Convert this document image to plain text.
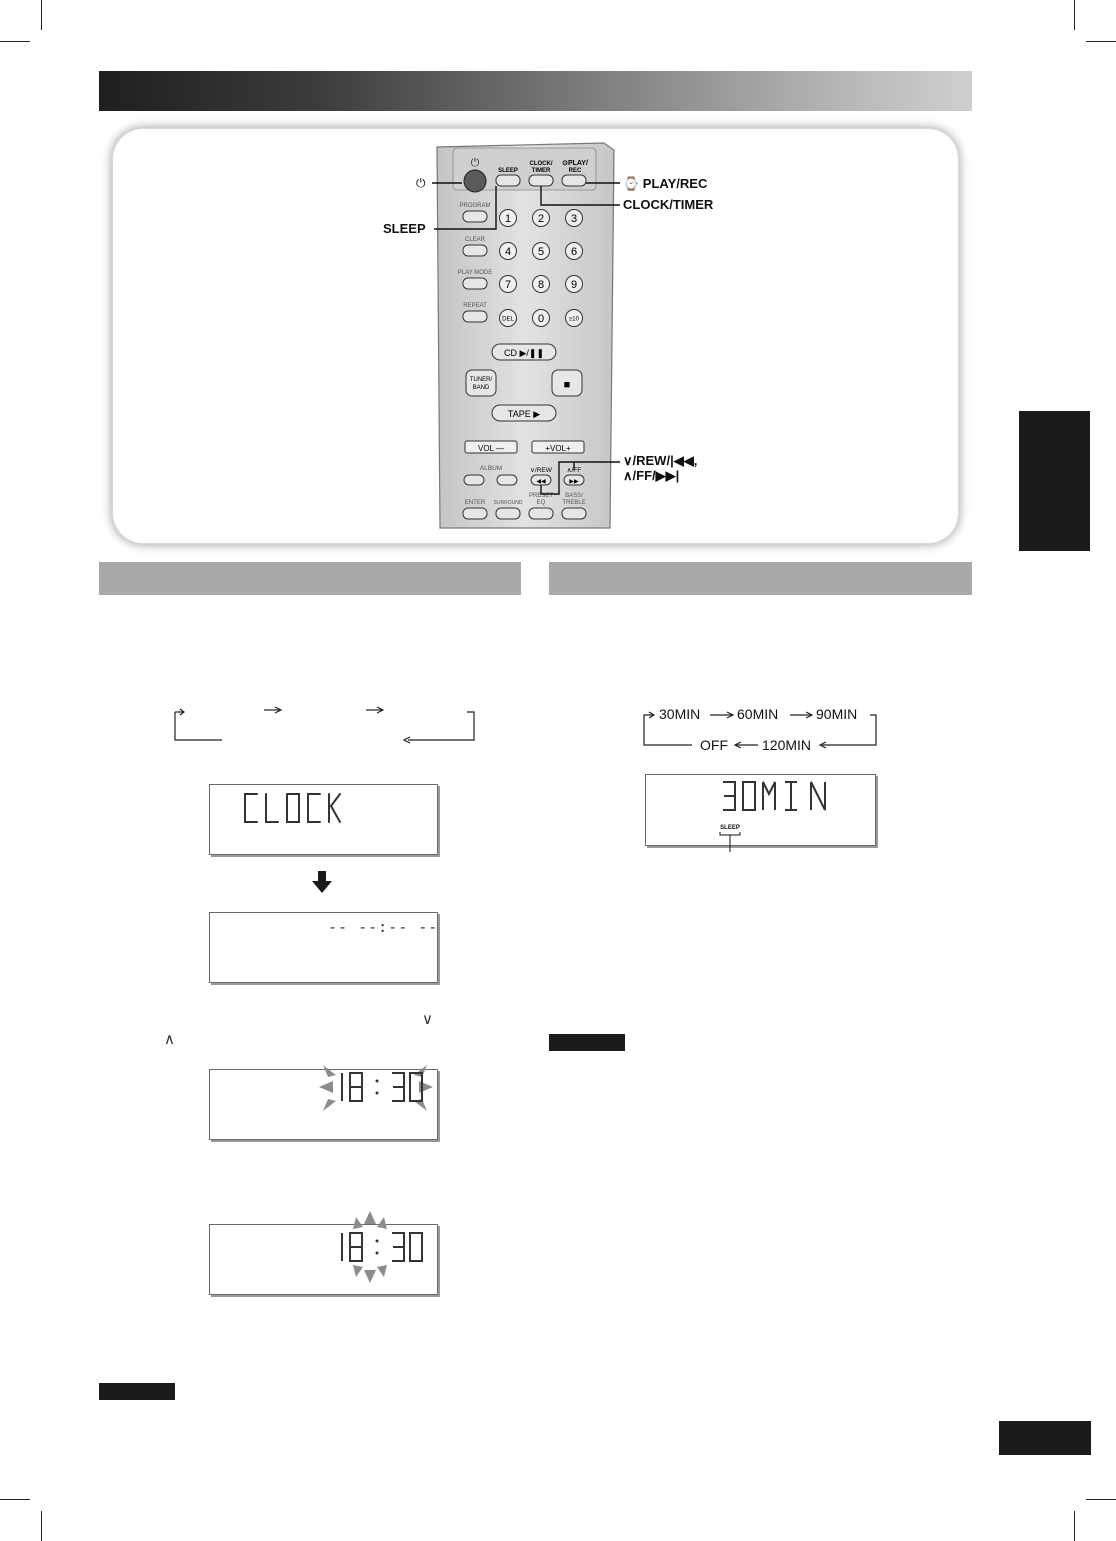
⏻
SLEEP
CLOCK/
TIMER
⊙PLAY/
REC
PROGRAM
CLEAR
PLAY MODE
REPEAT
1 2 3
4 5 6
7 8 9
DEL 0	≥10
CD ▶/❚❚
TUNER/
BAND	■
TAPE ▶
VOL —	+VOL+
ALBUM	∨/REW ∧/FF
◀◀	▶▶
ENTER SURROUND
PRESET
EQ
BASS/
TREBLE
⏻
SLEEP
⌚ PLAY/REC
CLOCK/TIMER
∨/REW/|◀◀,
∧/FF/▶▶|
CLOCK
-- --:-- --
∨
∧
18:30
18:30
30MIN	60MIN	90MIN
120MIN
OFF
30MIN
SLEEP
